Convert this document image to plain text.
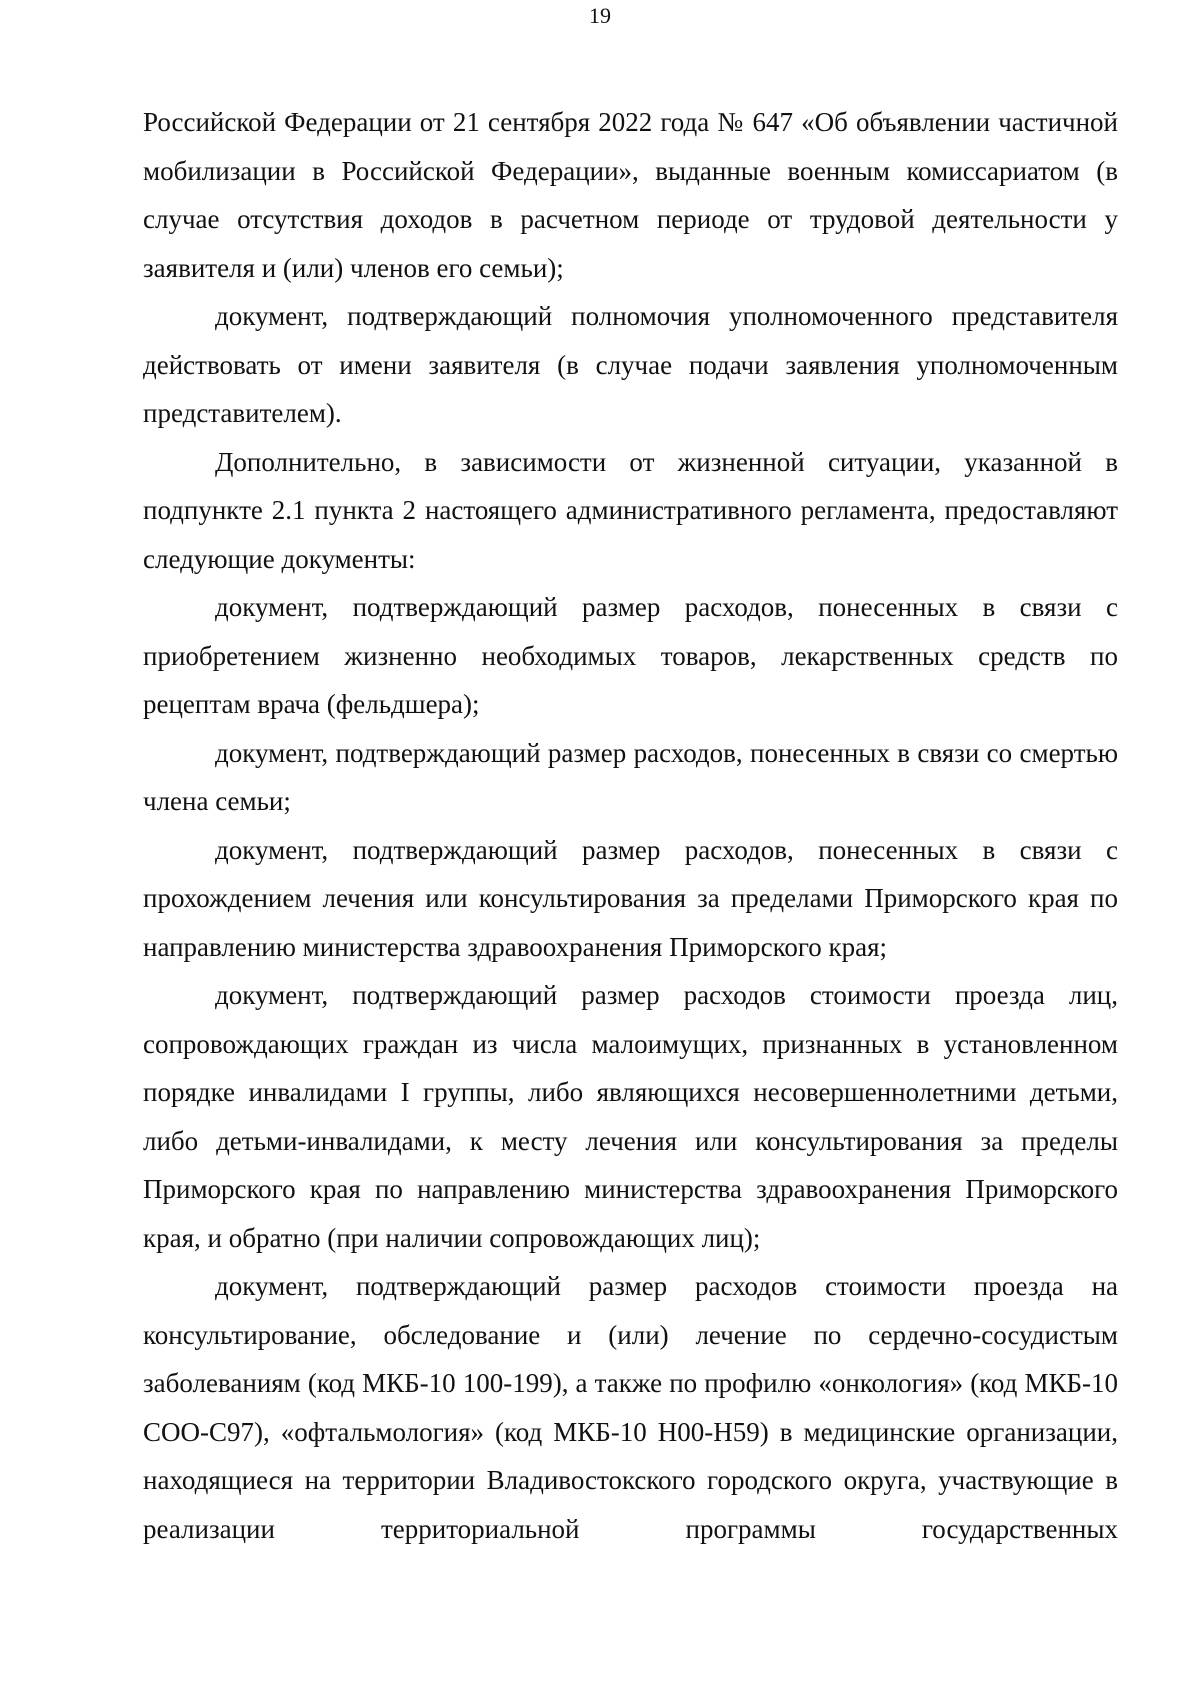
19

Российской Федерации от 21 сентября 2022 года № 647 «Об объявлении частичной мобилизации в Российской Федерации», выданные военным комиссариатом (в случае отсутствия доходов в расчетном периоде от трудовой деятельности у заявителя и (или) членов его семьи);

документ, подтверждающий полномочия уполномоченного представителя действовать от имени заявителя (в случае подачи заявления уполномоченным представителем).

Дополнительно, в зависимости от жизненной ситуации, указанной в подпункте 2.1 пункта 2 настоящего административного регламента, предоставляют следующие документы:

документ, подтверждающий размер расходов, понесенных в связи с приобретением жизненно необходимых товаров, лекарственных средств по рецептам врача (фельдшера);

документ, подтверждающий размер расходов, понесенных в связи со смертью члена семьи;

документ, подтверждающий размер расходов, понесенных в связи с прохождением лечения или консультирования за пределами Приморского края по направлению министерства здравоохранения Приморского края;

документ, подтверждающий размер расходов стоимости проезда лиц, сопровождающих граждан из числа малоимущих, признанных в установленном порядке инвалидами I группы, либо являющихся несовершеннолетними детьми, либо детьми-инвалидами, к месту лечения или консультирования за пределы Приморского края по направлению министерства здравоохранения Приморского края, и обратно (при наличии сопровождающих лиц);

документ, подтверждающий размер расходов стоимости проезда на консультирование, обследование и (или) лечение по сердечно-сосудистым заболеваниям (код МКБ-10 100-199), а также по профилю «онкология» (код МКБ-10 СОО-С97), «офтальмология» (код МКБ-10 Н00-Н59) в медицинские организации, находящиеся на территории Владивостокского городского округа, участвующие в реализации территориальной программы государственных
